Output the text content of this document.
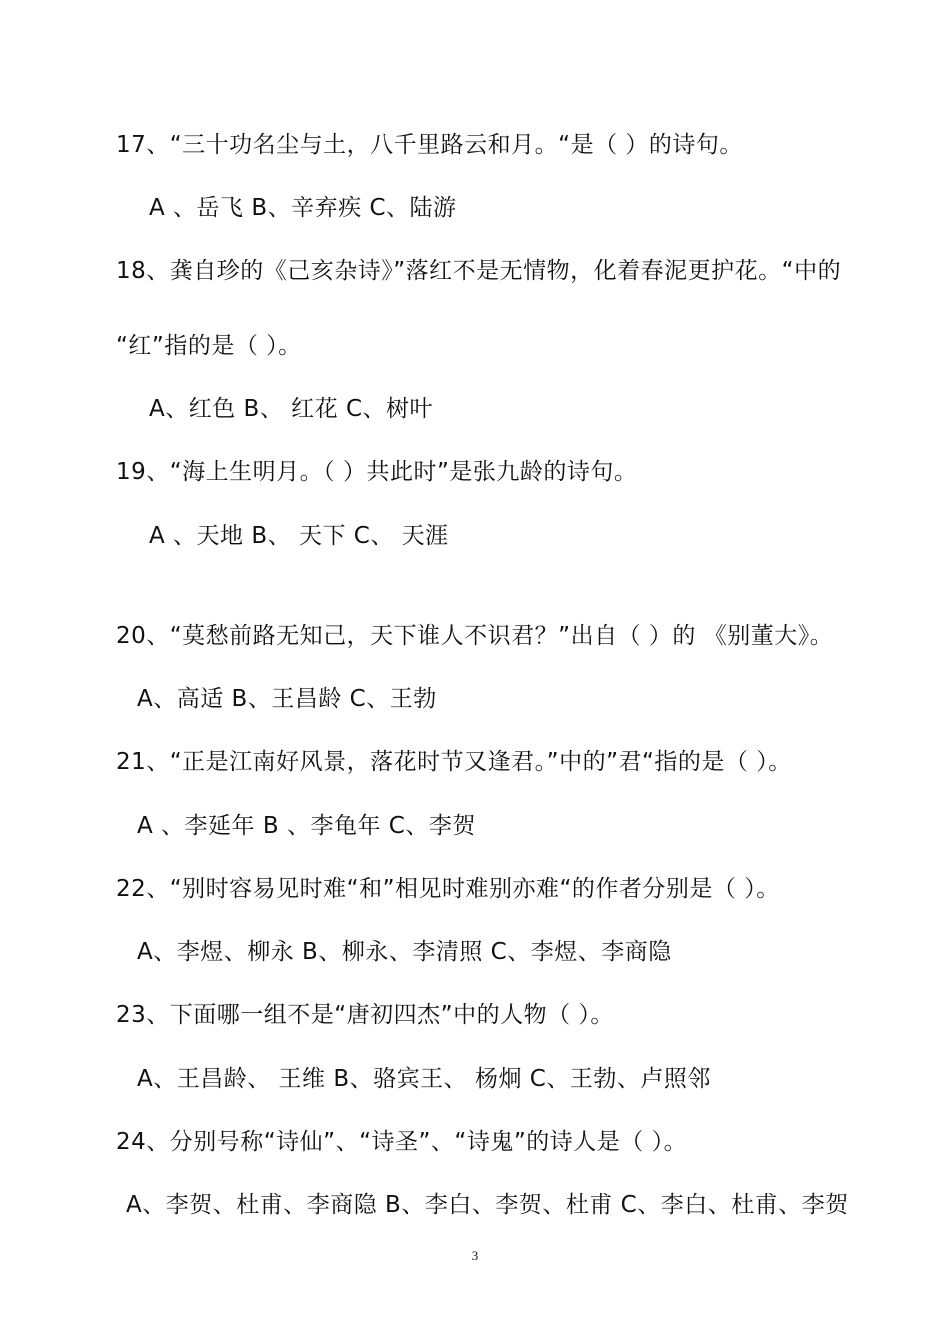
17、“三十功名尘与土，八千里路云和月。“是（ ）的诗句。
A 、岳飞 B、辛弃疾 C、陆游
18、龚自珍的《己亥杂诗》”落红不是无情物，化着春泥更护花。“中的
“红”指的是（ ）。
A、红色 B、 红花 C、树叶
19、“海上生明月。（ ）共此时”是张九龄的诗句。
A 、天地 B、 天下 C、 天涯
20、“莫愁前路无知己，天下谁人不识君？”出自（ ）的 《别董大》。
A、高适 B、王昌龄 C、王勃
21、“正是江南好风景，落花时节又逢君。”中的”君“指的是（ ）。
A 、李延年 B 、李龟年 C、李贺
22、“别时容易见时难“和”相见时难别亦难“的作者分别是（ ）。
A、李煜、柳永 B、柳永、李清照 C、李煜、李商隐
23、下面哪一组不是“唐初四杰”中的人物（ ）。
A、王昌龄、 王维 B、骆宾王、 杨炯 C、王勃、卢照邻
24、分别号称“诗仙”、“诗圣”、“诗鬼”的诗人是（ ）。
A、李贺、杜甫、李商隐 B、李白、李贺、杜甫 C、李白、杜甫、李贺
3
